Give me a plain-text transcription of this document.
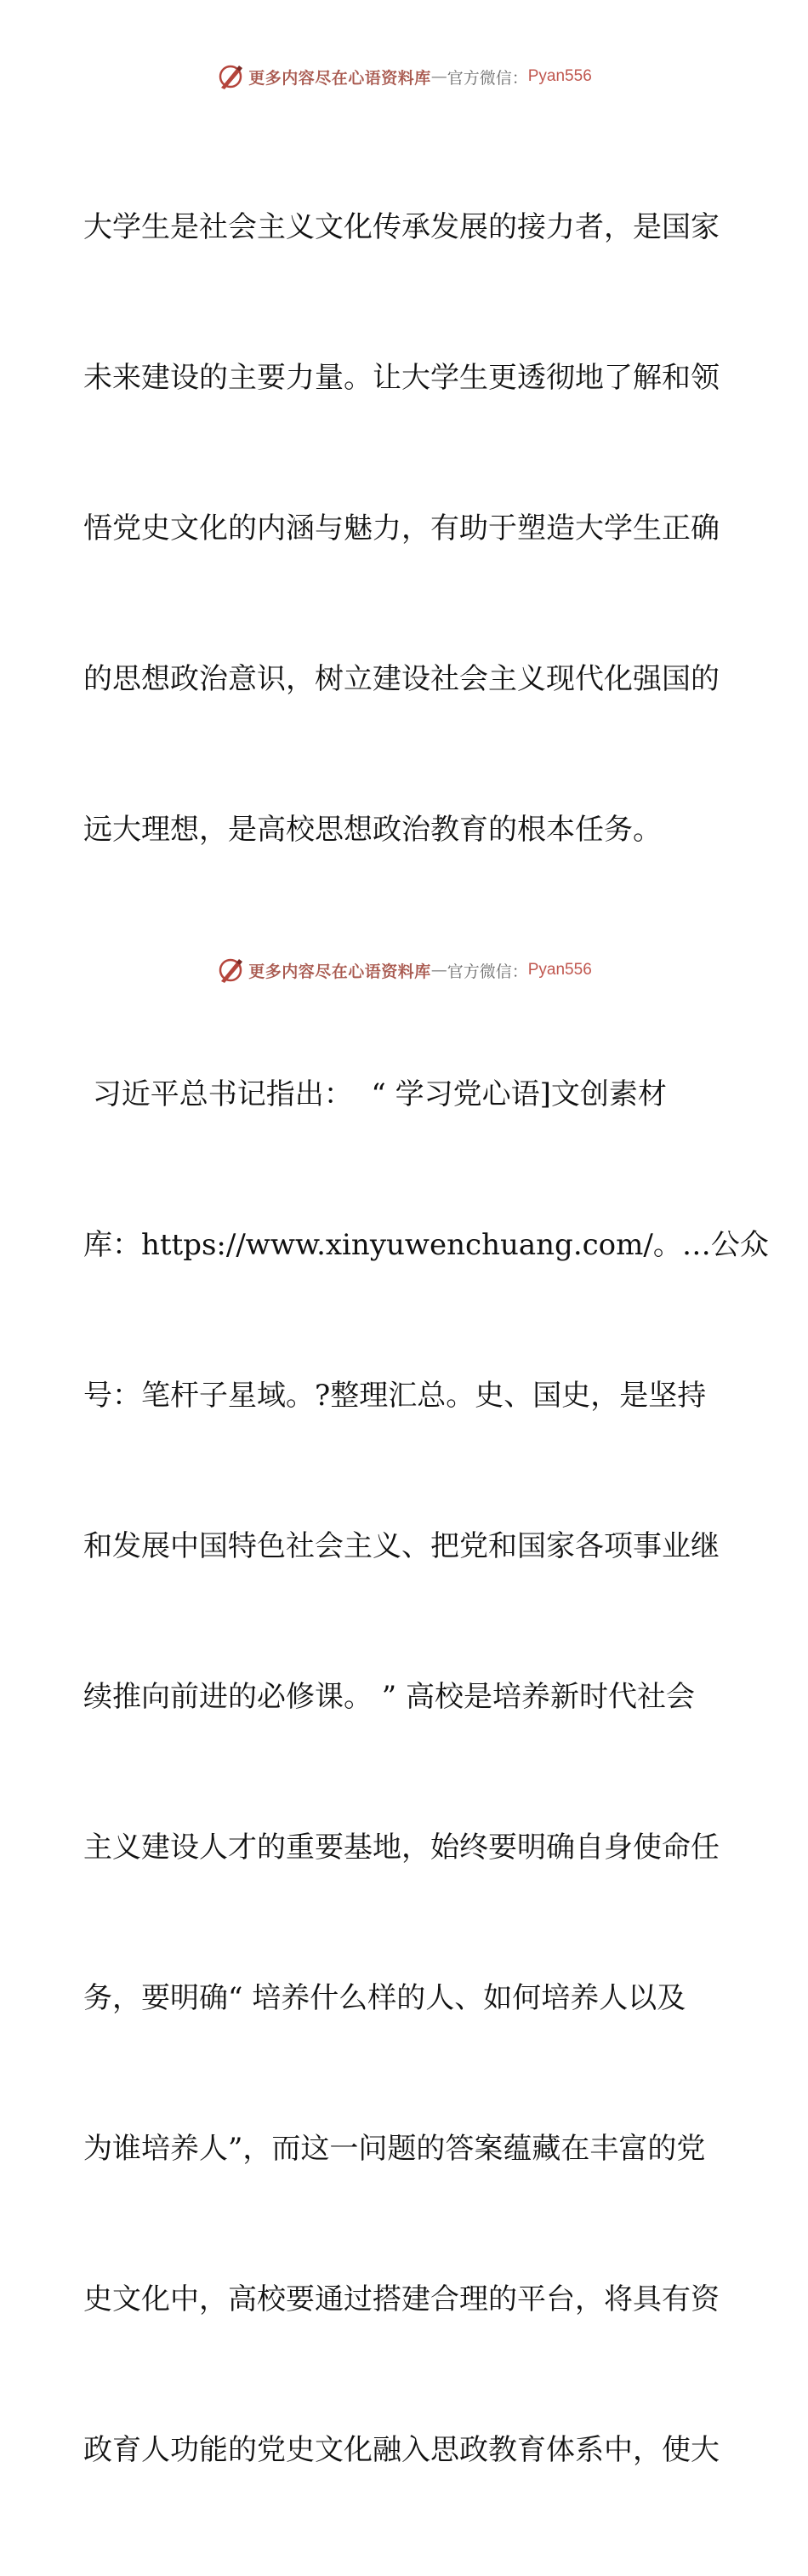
更多内容尽在心语资料库 — 官方微信： Pyan556

大学生是社会主义文化传承发展的接力者，是国家

未来建设的主要力量。让大学生更透彻地了解和领

悟党史文化的内涵与魅力，有助于塑造大学生正确

的思想政治意识，树立建设社会主义现代化强国的

远大理想，是高校思想政治教育的根本任务。

习近平总书记指出：  “ 学习党心语]文创素材

库：https://www.xinyuwenchuang.com/。…公众

号：笔杆子星域。?整理汇总。史、国史，是坚持

和发展中国特色社会主义、把党和国家各项事业继

续推向前进的必修课。 ” 高校是培养新时代社会

主义建设人才的重要基地，始终要明确自身使命任

务，要明确“ 培养什么样的人、如何培养人以及

为谁培养人”，而这一问题的答案蕴藏在丰富的党

史文化中，高校要通过搭建合理的平台，将具有资

政育人功能的党史文化融入思政教育体系中，使大

更多内容尽在心语资料库 — 官方微信： Pyan556
